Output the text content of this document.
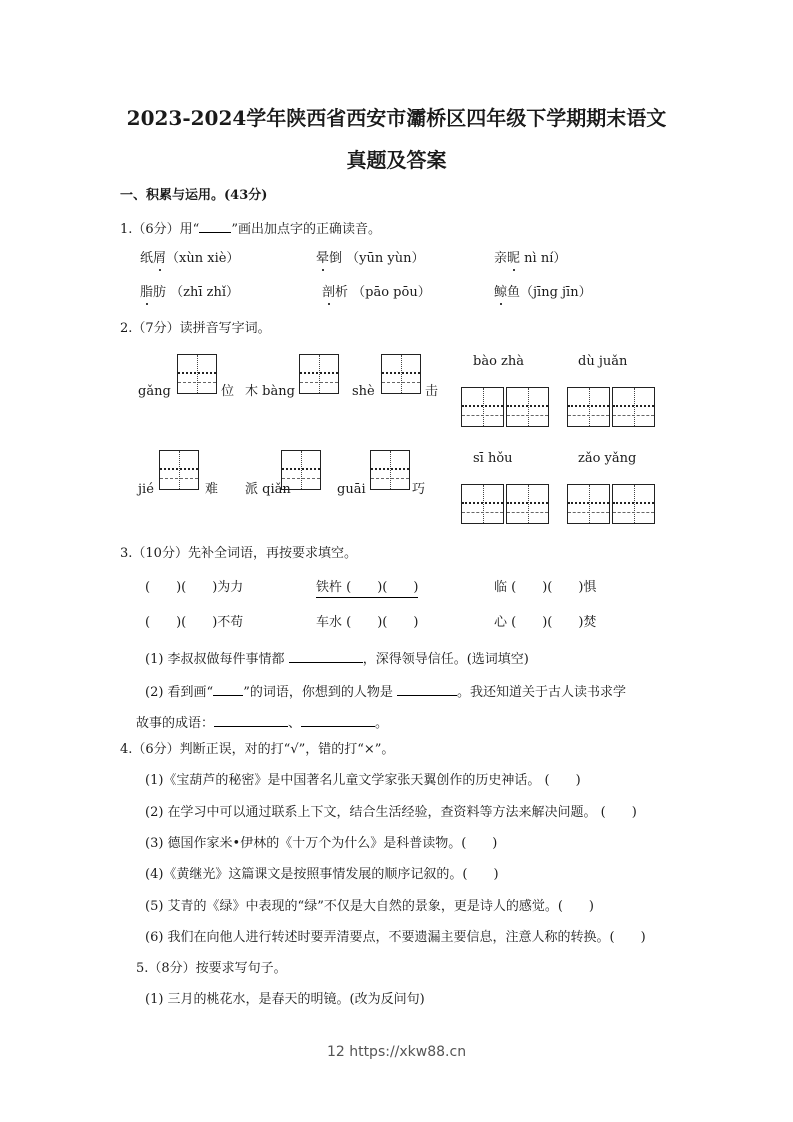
2023-2024学年陕西省西安市灞桥区四年级下学期期末语文
真题及答案
一、积累与运用。(43分)
1.（6分）用“ ”画出加点字的正确读音。
纸屑（xùn xiè）	晕倒 （yūn yùn）	亲昵 nì ní）
脂肪 （zhī zhǐ）	剖析 （pāo pōu）	鲸鱼（jīng jīn）
2.（7分）读拼音写字词。
gǎng	位 木 bàng	shè	击
bào zhà	dù juǎn
jié	难 派 qiǎn	guāi	巧
sī hǒu	zǎo yǎng
3.（10分）先补全词语，再按要求填空。
(　　)(　　)为力	铁杵 (　　)(　　)	临 (　　)(　　)惧
(　　)(　　)不苟	车水 (　　)(　　)	心 (　　)(　　)焚
(1) 李叔叔做每件事情都	，深得领导信任。(选词填空)
(2) 看到画“ ”的词语，你想到的人物是	。我还知道关于古人读书求学
故事的成语：	、	。
4.（6分）判断正误，对的打“√”，错的打“×”。
(1)《宝葫芦的秘密》是中国著名儿童文学家张天翼创作的历史神话。 (　　)
(2) 在学习中可以通过联系上下文，结合生活经验，查资料等方法来解决问题。 (　　)
(3) 德国作家米•伊林的《十万个为什么》是科普读物。(　　)
(4)《黄继光》这篇课文是按照事情发展的顺序记叙的。(　　)
(5) 艾青的《绿》中表现的“绿”不仅是大自然的景象，更是诗人的感觉。(　　)
(6) 我们在向他人进行转述时要弄清要点，不要遗漏主要信息，注意人称的转换。(　　)
5.（8分）按要求写句子。
(1) 三月的桃花水，是春天的明镜。(改为反问句)
12 https://xkw88.cn
